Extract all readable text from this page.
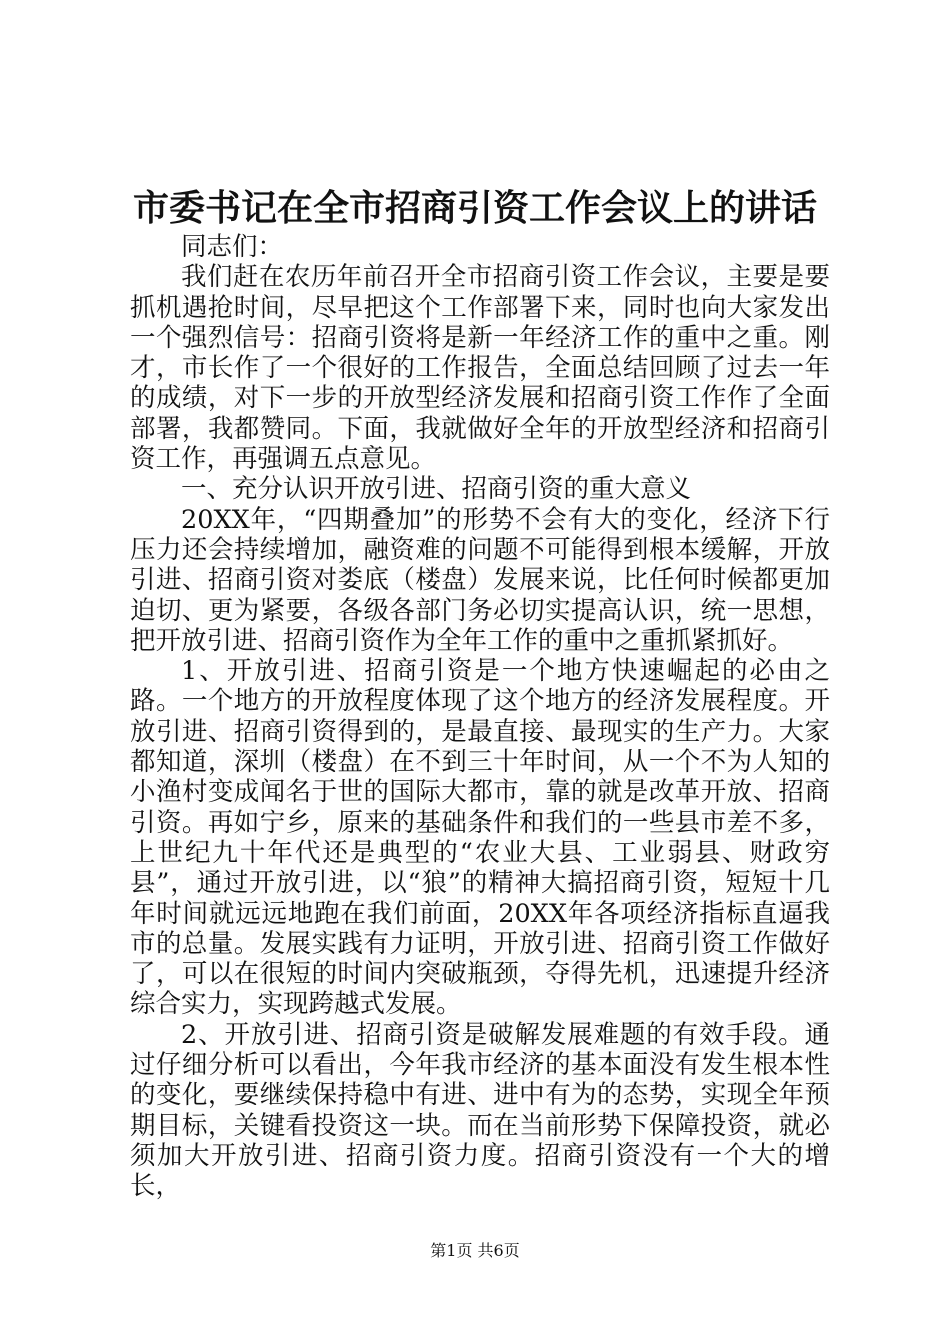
市委书记在全市招商引资工作会议上的讲话

同志们：

我们赶在农历年前召开全市招商引资工作会议，主要是要抓机遇抢时间，尽早把这个工作部署下来，同时也向大家发出一个强烈信号：招商引资将是新一年经济工作的重中之重。刚才，市长作了一个很好的工作报告，全面总结回顾了过去一年的成绩，对下一步的开放型经济发展和招商引资工作作了全面部署，我都赞同。下面，我就做好全年的开放型经济和招商引资工作，再强调五点意见。

一、充分认识开放引进、招商引资的重大意义

20XX年，“四期叠加”的形势不会有大的变化，经济下行压力还会持续增加，融资难的问题不可能得到根本缓解，开放引进、招商引资对娄底（楼盘）发展来说，比任何时候都更加迫切、更为紧要，各级各部门务必切实提高认识，统一思想，把开放引进、招商引资作为全年工作的重中之重抓紧抓好。

1、开放引进、招商引资是一个地方快速崛起的必由之路。一个地方的开放程度体现了这个地方的经济发展程度。开放引进、招商引资得到的，是最直接、最现实的生产力。大家都知道，深圳（楼盘）在不到三十年时间，从一个不为人知的小渔村变成闻名于世的国际大都市，靠的就是改革开放、招商引资。再如宁乡，原来的基础条件和我们的一些县市差不多，上世纪九十年代还是典型的“农业大县、工业弱县、财政穷县”，通过开放引进，以“狼”的精神大搞招商引资，短短十几年时间就远远地跑在我们前面，20XX年各项经济指标直逼我市的总量。发展实践有力证明，开放引进、招商引资工作做好了，可以在很短的时间内突破瓶颈，夺得先机，迅速提升经济综合实力，实现跨越式发展。

2、开放引进、招商引资是破解发展难题的有效手段。通过仔细分析可以看出，今年我市经济的基本面没有发生根本性的变化，要继续保持稳中有进、进中有为的态势，实现全年预期目标，关键看投资这一块。而在当前形势下保障投资，就必须加大开放引进、招商引资力度。招商引资没有一个大的增长，

第1页 共6页
